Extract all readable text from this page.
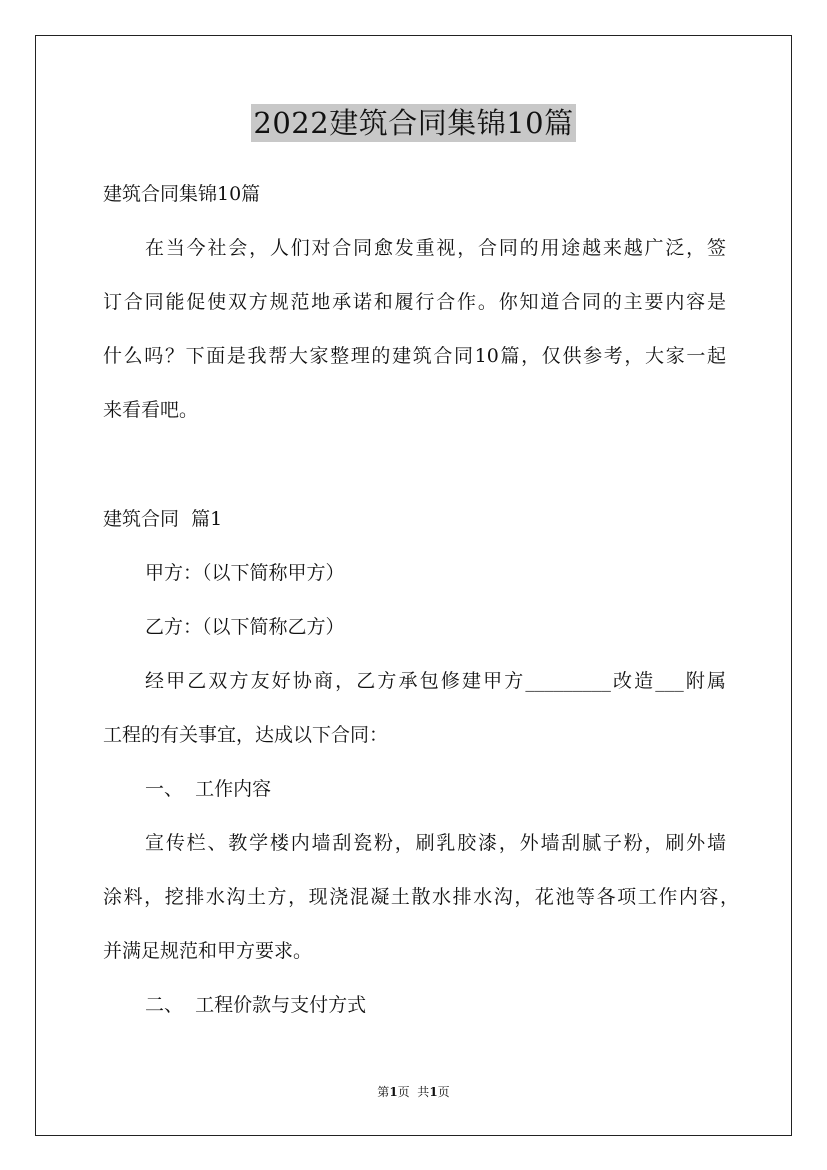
2022建筑合同集锦10篇
建筑合同集锦10篇
在当今社会，人们对合同愈发重视，合同的用途越来越广泛，签
订合同能促使双方规范地承诺和履行合作。你知道合同的主要内容是
什么吗？下面是我帮大家整理的建筑合同10篇，仅供参考，大家一起
来看看吧。
建筑合同  篇1
甲方：（以下简称甲方）
乙方：（以下简称乙方）
经甲乙双方友好协商，乙方承包修建甲方_________改造___附属
工程的有关事宜，达成以下合同：
一、  工作内容
宣传栏、教学楼内墙刮瓷粉，刷乳胶漆，外墙刮腻子粉，刷外墙
涂料，挖排水沟土方，现浇混凝土散水排水沟，花池等各项工作内容，
并满足规范和甲方要求。
二、  工程价款与支付方式
第1页  共1页
